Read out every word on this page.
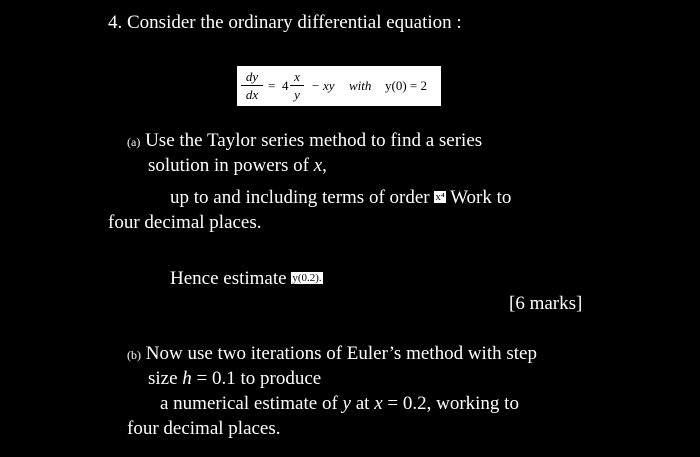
4. Consider the ordinary differential equation :
dy
dx
= 4
x
y
− xy with y(0) = 2
(a) Use the Taylor series method to find a series
solution in powers of x,
up to and including terms of order x⁴ Work to
four decimal places.
Hence estimate y(0.2).
[6 marks]
(b) Now use two iterations of Euler’s method with step
size h = 0.1 to produce
a numerical estimate of y at x = 0.2, working to
four decimal places.
